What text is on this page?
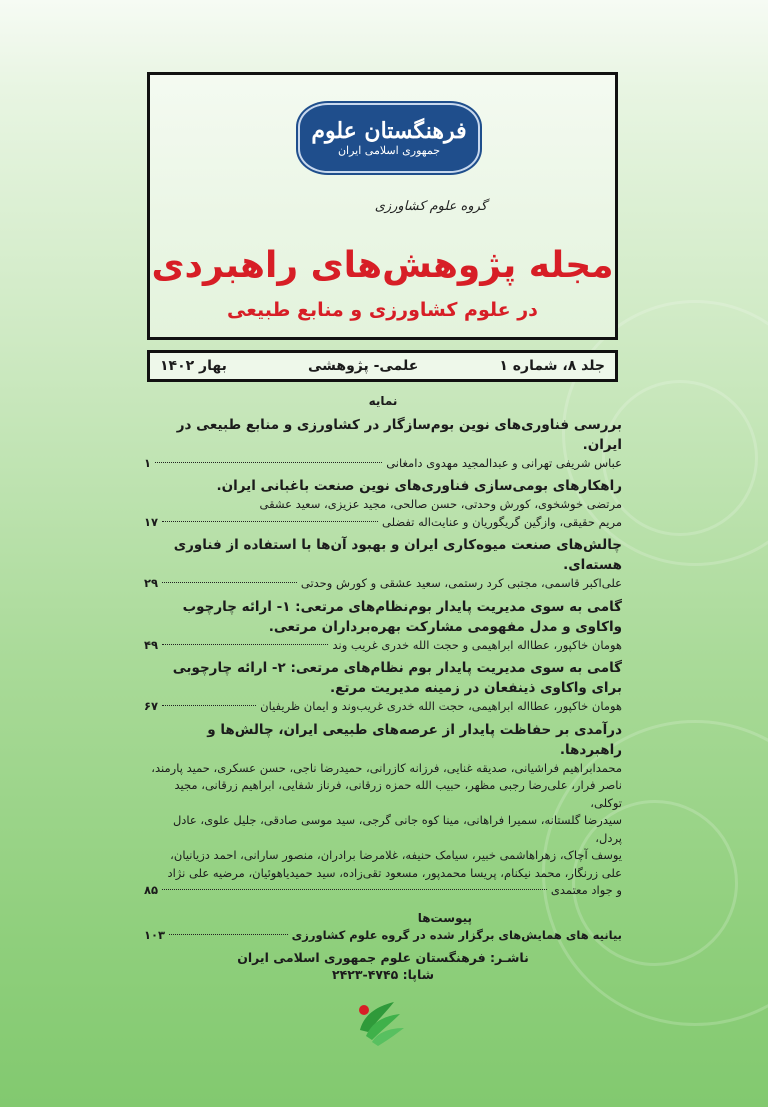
فرهنگستان علوم
جمهوری اسلامی ایران
گروه علوم کشاورزی
مجله پژوهش‌های راهبردی
در علوم کشاورزی و منابع طبیعی
جلد ۸، شماره ۱
علمی- پژوهشی
بهار ۱۴۰۲
نمایه
بررسی فناوری‌های نوین بوم‌سازگار در کشاورزی و منابع طبیعی در ایران.
عباس شریفی تهرانی و عبدالمجید مهدوی دامغانی
۱
راهکارهای بومی‌سازی فناوری‌های نوین صنعت باغبانی ایران.
مرتضی خوشخوی، کورش وحدتی، حسن صالحی، مجید عزیزی، سعید عشقی
مریم حقیقی، وازگین گریگوریان و عنایت‌اله تفضلی
۱۷
چالش‌های صنعت میوه‌کاری ایران و بهبود آن‌ها با استفاده از فناوری هسته‌ای.
علی‌اکبر قاسمی، مجتبی کرد رستمی، سعید عشقی و کورش وحدتی
۲۹
گامی به سوی مدیریت پایدار بوم‌نظام‌های مرتعی: ۱- ارائه چارچوب واکاوی و مدل مفهومی مشارکت بهره‌برداران مرتعی.
هومان خاکپور، عطااله ابراهیمی و حجت الله خدری غریب وند
۴۹
گامی به سوی مدیریت پایدار بوم نظام‌های مرتعی: ۲- ارائه چارچوبی برای واکاوی ذینفعان در زمینه مدیریت مرتع.
هومان خاکپور، عطااله ابراهیمی، حجت الله خدری غریب‌وند و ایمان ظریفیان
۶۷
درآمدی بر حفاظت پایدار از عرصه‌های طبیعی ایران، چالش‌ها و راهبردها.
محمدابراهیم فراشیانی، صدیقه غنایی، فرزانه کازرانی، حمیدرضا ناجی، حسن عسکری، حمید پارمند،
ناصر فرار، علی‌رضا رجبی مظهر، حبیب الله حمزه زرقانی، فرناز شفایی، ابراهیم زرقانی، مجید توکلی،
سیدرضا گلستانه، سمیرا فراهانی، مینا کوه جانی گرجی، سید موسی صادقی، جلیل علوی، عادل پردل،
یوسف آچاک، زهراهاشمی خبیر، سیامک حنیفه، غلامرضا برادران، منصور سارانی، احمد دزیانیان،
علی زرنگار، محمد نیکنام، پریسا محمدپور، مسعود تقی‌زاده، سید حمیدیاهوئیان، مرضیه علی نژاد
و جواد معتمدی
۸۵
پیوست‌ها
بیانیه های همایش‌های برگزار شده در گروه علوم کشاورزی
۱۰۳
ناشـر: فرهنگستان علوم جمهوری اسلامی ایران
شاپا: ۴۷۴۵-۲۴۲۳
